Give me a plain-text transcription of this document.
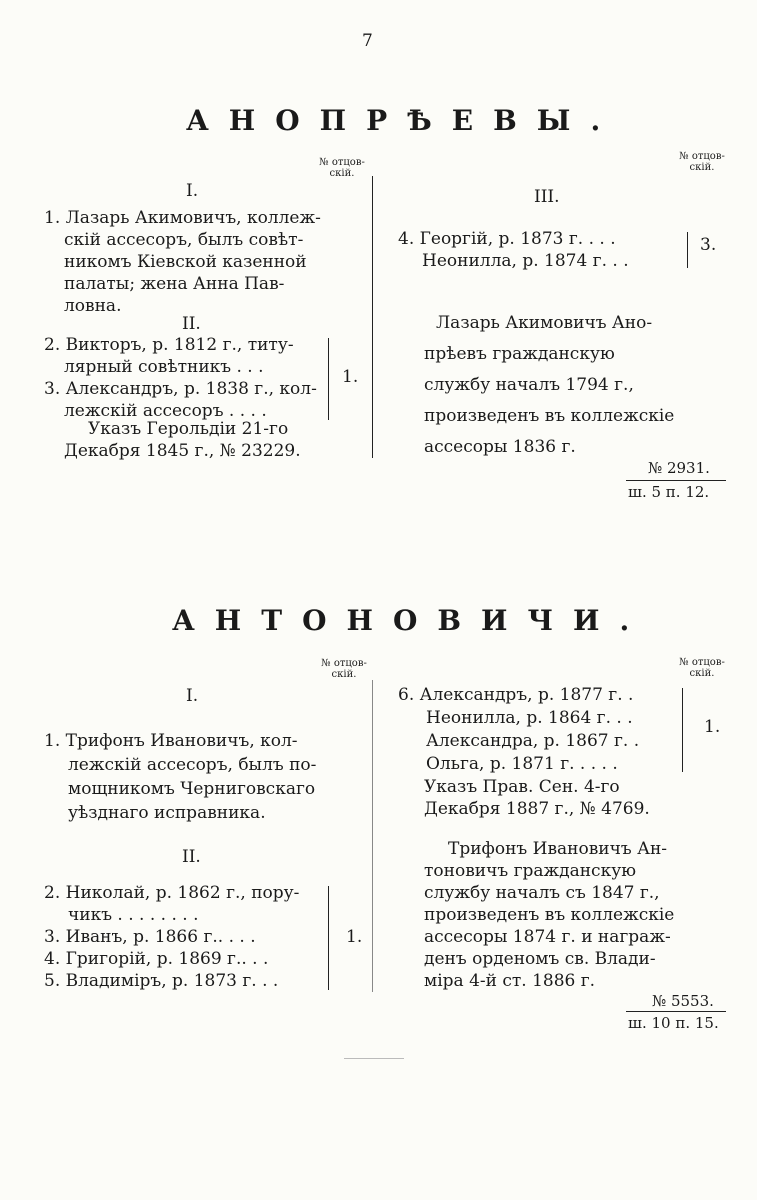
7
АНОПРѢЕВЫ.
№ отцов-
скій.
№ отцов-
скій.
I.
1. Лазарь Акимовичъ, коллеж-
скій ассесоръ, былъ совѣт-
никомъ Кіевской казенной
палаты; жена Анна Пав-
ловна.
II.
2. Викторъ, р. 1812 г., титу-
лярный совѣтникъ . . .
3. Александръ, р. 1838 г., кол-
лежскій ассесоръ . . . .
1.
Указъ Герольдіи 21-го
Декабря 1845 г., № 23229.
III.
4. Георгій, р. 1873 г. . . .
Неонилла, р. 1874 г. . .
3.
Лазарь Акимовичъ Ано-
прѣевъ гражданскую
службу началъ 1794 г.,
произведенъ въ коллежскіе
ассесоры 1836 г.
№ 2931.
ш. 5 п. 12.
АНТОНОВИЧИ.
№ отцов-
скій.
№ отцов-
скій.
I.
1. Трифонъ Ивановичъ, кол-
лежскій ассесоръ, былъ по-
мощникомъ Черниговскаго
уѣзднаго исправника.
II.
2. Николай, р. 1862 г., пору-
чикъ . . . . . . . .
3. Иванъ, р. 1866 г.. . . .
4. Григорій, р. 1869 г.. . .
5. Владиміръ, р. 1873 г. . .
1.
6. Александръ, р. 1877 г. .
Неонилла, р. 1864 г. . .
Александра, р. 1867 г. .
Ольга, р. 1871 г. . . . .
1.
Указъ Прав. Сен. 4-го
Декабря 1887 г., № 4769.
Трифонъ Ивановичъ Ан-
тоновичъ гражданскую
службу началъ съ 1847 г.,
произведенъ въ коллежскіе
ассесоры 1874 г. и награж-
денъ орденомъ св. Влади-
міра 4-й ст. 1886 г.
№ 5553.
ш. 10 п. 15.
